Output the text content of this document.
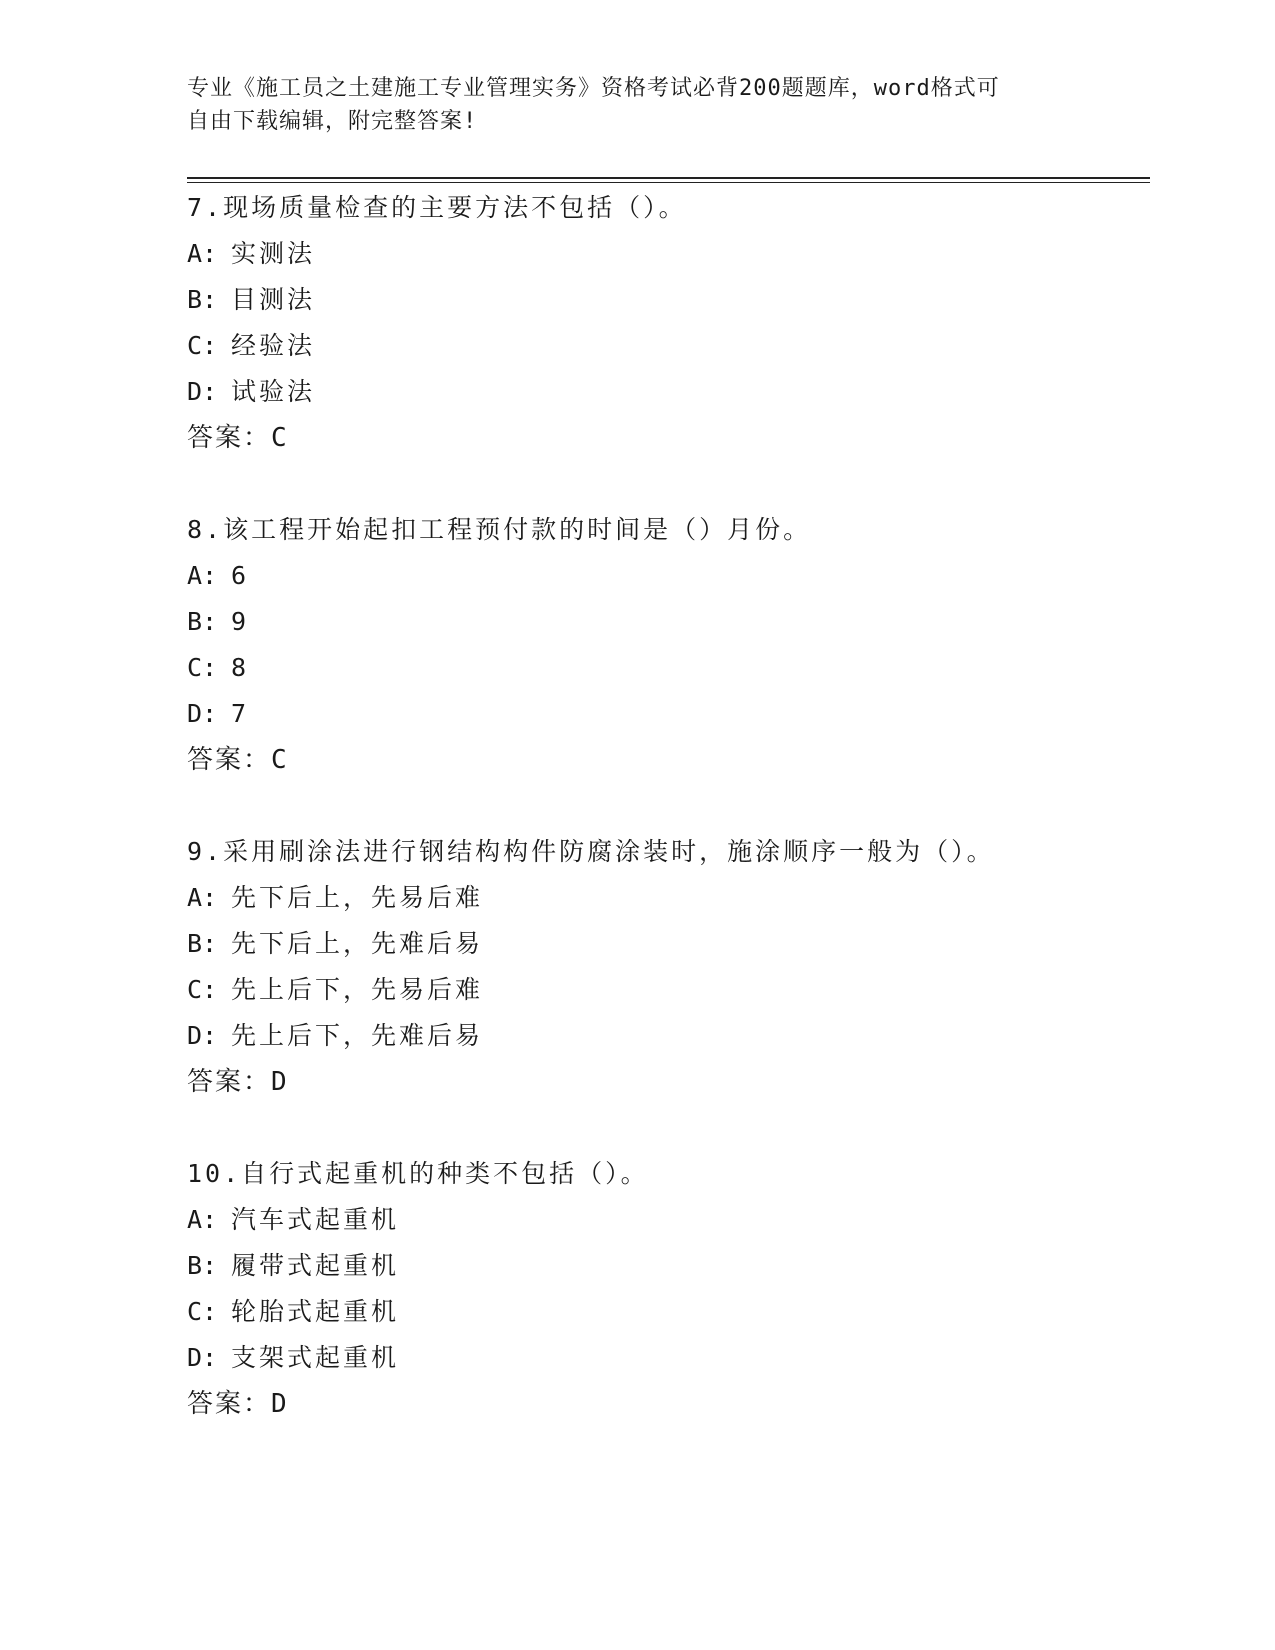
专业《施工员之土建施工专业管理实务》资格考试必背200题题库，word格式可
自由下载编辑，附完整答案!
7.现场质量检查的主要方法不包括（）。
A: 实测法
B: 目测法
C: 经验法
D: 试验法
答案：C
8.该工程开始起扣工程预付款的时间是（）月份。
A: 6
B: 9
C: 8
D: 7
答案：C
9.采用刷涂法进行钢结构构件防腐涂装时，施涂顺序一般为（）。
A: 先下后上，先易后难
B: 先下后上，先难后易
C: 先上后下，先易后难
D: 先上后下，先难后易
答案：D
10.自行式起重机的种类不包括（）。
A: 汽车式起重机
B: 履带式起重机
C: 轮胎式起重机
D: 支架式起重机
答案：D
